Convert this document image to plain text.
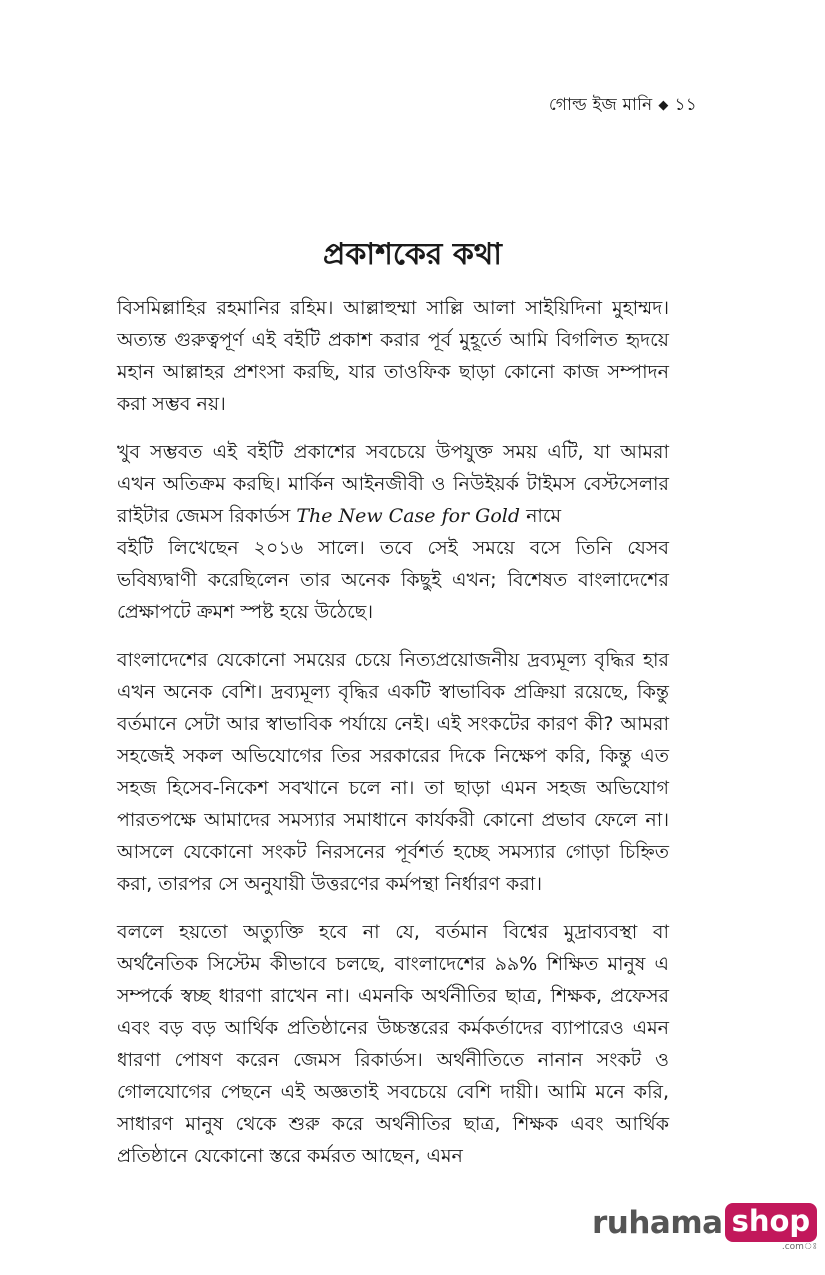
গোল্ড ইজ মানি ◆ ১১
প্রকাশকের কথা

বিসমিল্লাহির রহমানির রহিম। আল্লাহুম্মা সাল্লি আলা সাইয়িদিনা মুহাম্মদ। অত্যন্ত গুরুত্বপূর্ণ এই বইটি প্রকাশ করার পূর্ব মুহূর্তে আমি বিগলিত হৃদয়ে মহান আল্লাহর প্রশংসা করছি, যার তাওফিক ছাড়া কোনো কাজ সম্পাদন করা সম্ভব নয়।

খুব সম্ভবত এই বইটি প্রকাশের সবচেয়ে উপযুক্ত সময় এটি, যা আমরা এখন অতিক্রম করছি। মার্কিন আইনজীবী ও নিউইয়র্ক টাইমস বেস্টসেলার রাইটার জেমস রিকার্ডস The New Case for Gold নামে
বইটি লিখেছেন ২০১৬ সালে। তবে সেই সময়ে বসে তিনি যেসব ভবিষ্যদ্বাণী করেছিলেন তার অনেক কিছুই এখন; বিশেষত বাংলাদেশের প্রেক্ষাপটে ক্রমশ স্পষ্ট হয়ে উঠেছে।

বাংলাদেশের যেকোনো সময়ের চেয়ে নিত্যপ্রয়োজনীয় দ্রব্যমূল্য বৃদ্ধির হার এখন অনেক বেশি। দ্রব্যমূল্য বৃদ্ধির একটি স্বাভাবিক প্রক্রিয়া রয়েছে, কিন্তু বর্তমানে সেটা আর স্বাভাবিক পর্যায়ে নেই। এই সংকটের কারণ কী? আমরা সহজেই সকল অভিযোগের তির সরকারের দিকে নিক্ষেপ করি, কিন্তু এত সহজ হিসেব-নিকেশ সবখানে চলে না। তা ছাড়া এমন সহজ অভিযোগ পারতপক্ষে আমাদের সমস্যার সমাধানে কার্যকরী কোনো প্রভাব ফেলে না। আসলে যেকোনো সংকট নিরসনের পূর্বশর্ত হচ্ছে সমস্যার গোড়া চিহ্নিত করা, তারপর সে অনুযায়ী উত্তরণের কর্মপন্থা নির্ধারণ করা।

বললে হয়তো অত্যুক্তি হবে না যে, বর্তমান বিশ্বের মুদ্রাব্যবস্থা বা অর্থনৈতিক সিস্টেম কীভাবে চলছে, বাংলাদেশের ৯৯% শিক্ষিত মানুষ এ সম্পর্কে স্বচ্ছ ধারণা রাখেন না। এমনকি অর্থনীতির ছাত্র, শিক্ষক, প্রফেসর এবং বড় বড় আর্থিক প্রতিষ্ঠানের উচ্চস্তরের কর্মকর্তাদের ব্যাপারেও এমন ধারণা পোষণ করেন জেমস রিকার্ডস। অর্থনীতিতে নানান সংকট ও গোলযোগের পেছনে এই অজ্ঞতাই সবচেয়ে বেশি দায়ী। আমি মনে করি, সাধারণ মানুষ থেকে শুরু করে অর্থনীতির ছাত্র, শিক্ষক এবং আর্থিক প্রতিষ্ঠানে যেকোনো স্তরে কর্মরত আছেন, এমন

ruhama shop
.comঃ
